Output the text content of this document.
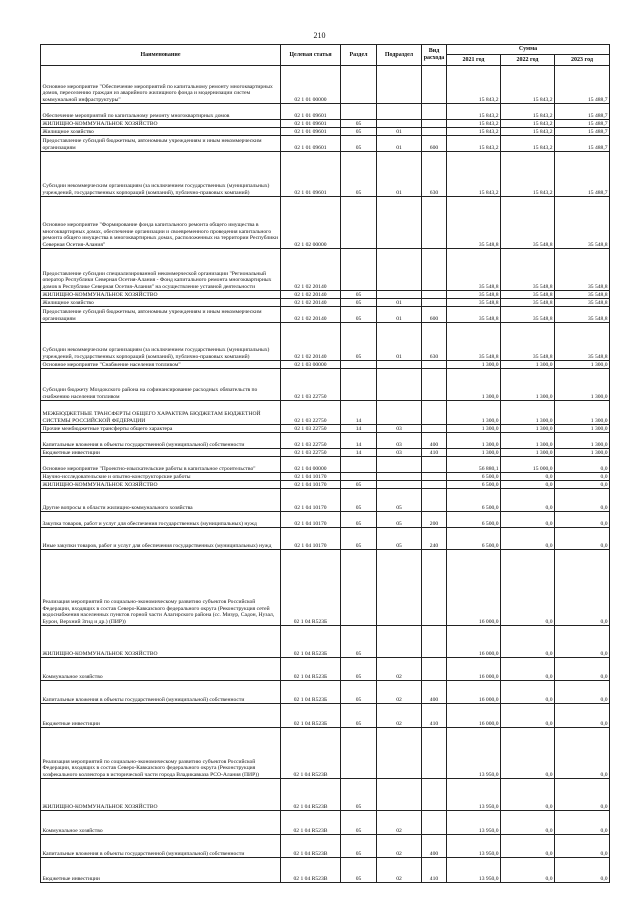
210
Наименование	Целевая статья	Раздел	Подраздел	Вид расхода	Сумма		
					2021 год	2022 год	2023 год
Основное мероприятие "Обеспечение мероприятий по капитальному ремонту многоквартирных домов, переселению граждан из аварийного жилищного фонда и модернизации систем коммунальной инфраструктуры"	02 1 01 00000				15 843,2	15 843,2	15 488,7
Обеспечение мероприятий по капитальному ремонту многоквартирных домов	02 1 01 09601				15 843,2	15 843,2	15 488,7
ЖИЛИЩНО-КОММУНАЛЬНОЕ ХОЗЯЙСТВО	02 1 01 09601	05			15 843,2	15 843,2	15 488,7
Жилищное хозяйство	02 1 01 09601	05	01		15 843,2	15 843,2	15 488,7
Предоставление субсидий бюджетным, автономным учреждениям и иным некоммерческим организациям	02 1 01 09601	05	01	600	15 843,2	15 843,2	15 488,7
Субсидии некоммерческим организациям (за исключением государственных (муниципальных) учреждений, государственных корпораций (компаний), публично-правовых компаний)	02 1 01 09601	05	01	630	15 843,2	15 843,2	15 488,7
Основное мероприятие "Формирование фонда капитального ремонта общего имущества в многоквартирных домах, обеспечение организации и своевременного проведения капитального ремонта общего имущества в многоквартирных домах, расположенных на территории Республики Северная Осетия-Алания"	02 1 02 00000				35 548,8	35 548,8	35 548,8
Предоставление субсидии специализированной некоммерческой организации "Региональный оператор Республики Северная Осетия-Алания - Фонд капитального ремонта многоквартирных домов в Республике Северная Осетия-Алания" на осуществление уставной деятельности	02 1 02 20140				35 548,8	35 548,8	35 548,8
ЖИЛИЩНО-КОММУНАЛЬНОЕ ХОЗЯЙСТВО	02 1 02 20140	05			35 548,8	35 548,8	35 548,8
Жилищное хозяйство	02 1 02 20140	05	01		35 548,8	35 548,8	35 548,8
Предоставление субсидий бюджетным, автономным учреждениям и иным некоммерческим организациям	02 1 02 20140	05	01	600	35 548,8	35 548,8	35 548,8
Субсидии некоммерческим организациям (за исключением государственных (муниципальных) учреждений, государственных корпораций (компаний), публично-правовых компаний)	02 1 02 20140	05	01	630	35 548,8	35 548,8	35 548,8
Основное мероприятие "Снабжение населения топливом"	02 1 03 00000				1 300,0	1 300,0	1 300,0
Субсидии бюджету Моздокского района на софинансирование расходных обязательств по снабжению населения топливом	02 1 03 22750				1 300,0	1 300,0	1 300,0
МЕЖБЮДЖЕТНЫЕ ТРАНСФЕРТЫ ОБЩЕГО ХАРАКТЕРА БЮДЖЕТАМ БЮДЖЕТНОЙ СИСТЕМЫ РОССИЙСКОЙ ФЕДЕРАЦИИ	02 1 03 22750	14			1 300,0	1 300,0	1 300,0
Прочие межбюджетные трансферты общего характера	02 1 03 22750	14	03		1 300,0	1 300,0	1 300,0
Капитальные вложения в объекты государственной (муниципальной) собственности	02 1 03 22750	14	03	400	1 300,0	1 300,0	1 300,0
Бюджетные инвестиции	02 1 03 22750	14	03	410	1 300,0	1 300,0	1 300,0
Основное мероприятие "Проектно-изыскательские работы в капитальное строительство"	02 1 04 00000				56 880,1	15 000,0	0,0
Научно-исследовательские и опытно-конструкторские работы	02 1 04 10170				6 500,0	0,0	0,0
ЖИЛИЩНО-КОММУНАЛЬНОЕ ХОЗЯЙСТВО	02 1 04 10170	05			6 500,0	0,0	0,0
Другие вопросы в области жилищно-коммунального хозяйства	02 1 04 10170	05	05		6 500,0	0,0	0,0
Закупка товаров, работ и услуг для обеспечения государственных (муниципальных) нужд	02 1 04 10170	05	05	200	6 500,0	0,0	0,0
Иные закупки товаров, работ и услуг для обеспечения государственных (муниципальных) нужд	02 1 04 10170	05	05	240	6 500,0	0,0	0,0
Реализация мероприятий по социально-экономическому развитию субъектов Российской Федерации, входящих в состав Северо-Кавказского федерального округа (Реконструкция сетей водоснабжения населенных пунктов горной части Алагирского района (сс. Мизур, Садон, Нузал, Бурон, Верхний Згид и др.) (ПИР))	02 1 04 R523Б				16 000,0	0,0	0,0
ЖИЛИЩНО-КОММУНАЛЬНОЕ ХОЗЯЙСТВО	02 1 04 R523Б	05			16 000,0	0,0	0,0
Коммунальное хозяйство	02 1 04 R523Б	05	02		16 000,0	0,0	0,0
Капитальные вложения в объекты государственной (муниципальной) собственности	02 1 04 R523Б	05	02	400	16 000,0	0,0	0,0
Бюджетные инвестиции	02 1 04 R523Б	05	02	410	16 000,0	0,0	0,0
Реализация мероприятий по социально-экономическому развитию субъектов Российской Федерации, входящих в состав Северо-Кавказского федерального округа (Реконструкция хозфекального коллектора в исторической части города Владикавказа РСО-Алания (ПИР))	02 1 04 R523В				13 950,0	0,0	0,0
ЖИЛИЩНО-КОММУНАЛЬНОЕ ХОЗЯЙСТВО	02 1 04 R523В	05			13 950,0	0,0	0,0
Коммунальное хозяйство	02 1 04 R523В	05	02		13 950,0	0,0	0,0
Капитальные вложения в объекты государственной (муниципальной) собственности	02 1 04 R523В	05	02	400	13 950,0	0,0	0,0
Бюджетные инвестиции	02 1 04 R523В	05	02	410	13 950,0	0,0	0,0
